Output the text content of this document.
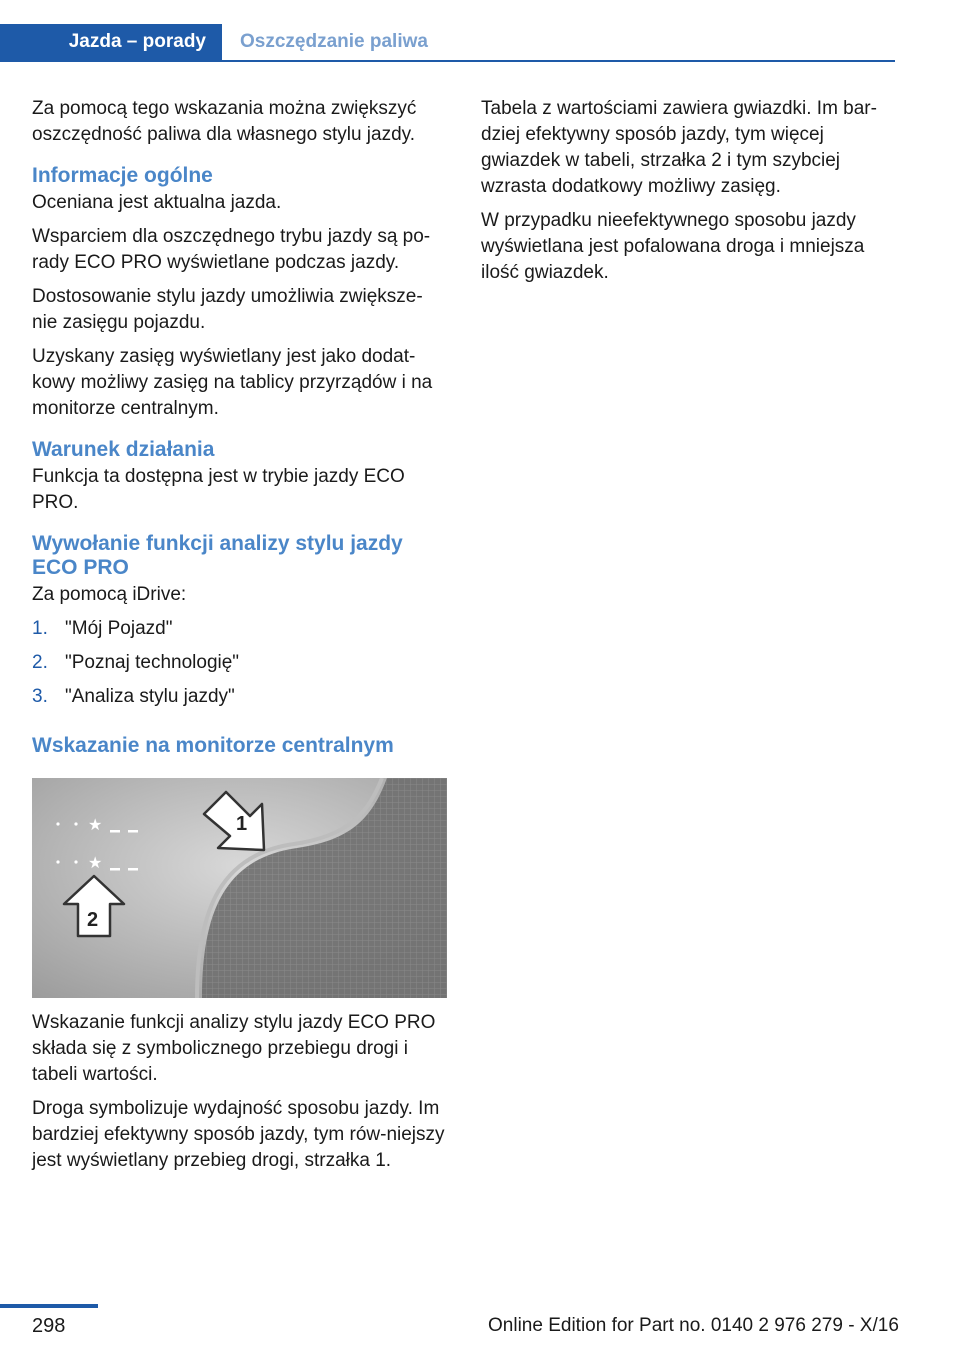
Jazda – porady Oszczędzanie paliwa

Za pomocą tego wskazania można zwiększyć oszczędność paliwa dla własnego stylu jazdy.

Informacje ogólne

Oceniana jest aktualna jazda.

Wsparciem dla oszczędnego trybu jazdy są po-rady ECO PRO wyświetlane podczas jazdy.

Dostosowanie stylu jazdy umożliwia zwiększe-nie zasięgu pojazdu.

Uzyskany zasięg wyświetlany jest jako dodat-kowy możliwy zasięg na tablicy przyrządów i na monitorze centralnym.

Warunek działania

Funkcja ta dostępna jest w trybie jazdy ECO PRO.

Wywołanie funkcji analizy stylu jazdy ECO PRO

Za pomocą iDrive:

1. "Mój Pojazd"
2. "Poznaj technologię"
3. "Analiza stylu jazdy"
Wskazanie na monitorze centralnym
★
★
1
2

Wskazanie funkcji analizy stylu jazdy ECO PRO składa się z symbolicznego przebiegu drogi i tabeli wartości.

Droga symbolizuje wydajność sposobu jazdy. Im bardziej efektywny sposób jazdy, tym rów-niejszy jest wyświetlany przebieg drogi, strzałka 1.

Tabela z wartościami zawiera gwiazdki. Im bar-dziej efektywny sposób jazdy, tym więcej gwiazdek w tabeli, strzałka 2 i tym szybciej wzrasta dodatkowy możliwy zasięg.

W przypadku nieefektywnego sposobu jazdy wyświetlana jest pofalowana droga i mniejsza ilość gwiazdek.

298	Online Edition for Part no. 0140 2 976 279 - X/16
